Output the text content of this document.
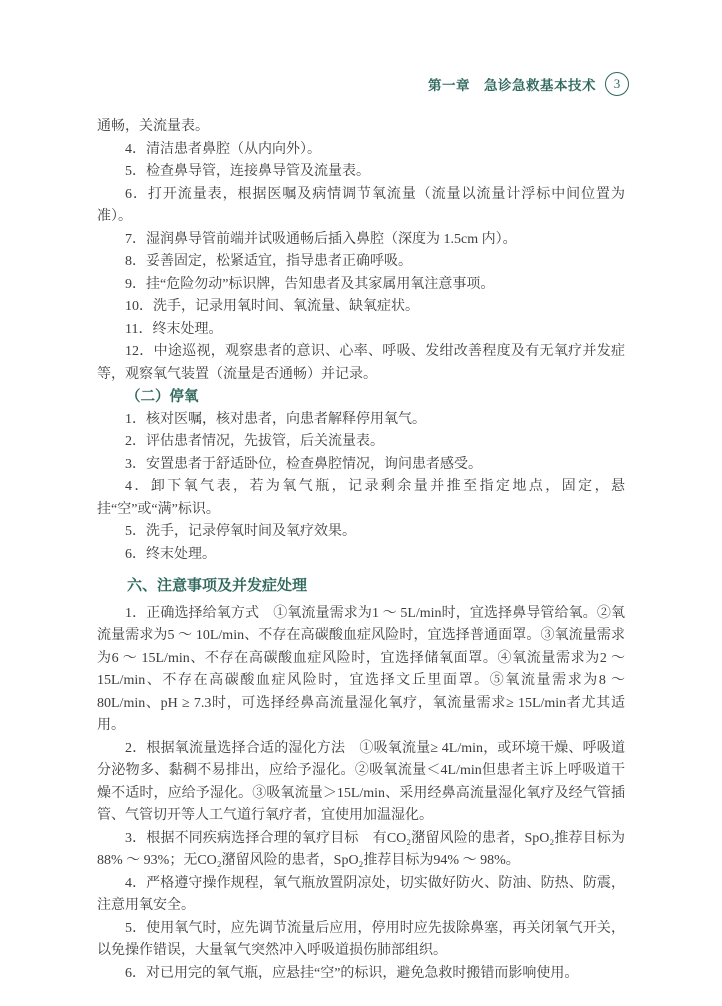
第一章　急诊急救基本技术 3

通畅，关流量表。

4．清洁患者鼻腔（从内向外）。

5．检查鼻导管，连接鼻导管及流量表。

6．打开流量表，根据医嘱及病情调节氧流量（流量以流量计浮标中间位置为准）。

7．湿润鼻导管前端并试吸通畅后插入鼻腔（深度为 1.5cm 内）。

8．妥善固定，松紧适宜，指导患者正确呼吸。

9．挂“危险勿动”标识牌，告知患者及其家属用氧注意事项。

10．洗手，记录用氧时间、氧流量、缺氧症状。

11．终末处理。

12．中途巡视，观察患者的意识、心率、呼吸、发绀改善程度及有无氧疗并发症等，观察氧气装置（流量是否通畅）并记录。

（二）停氧

1．核对医嘱，核对患者，向患者解释停用氧气。

2．评估患者情况，先拔管，后关流量表。

3．安置患者于舒适卧位，检查鼻腔情况，询问患者感受。

4．卸下氧气表，若为氧气瓶，记录剩余量并推至指定地点，固定，悬挂“空”或“满”标识。

5．洗手，记录停氧时间及氧疗效果。

6．终末处理。

六、注意事项及并发症处理

1．正确选择给氧方式　①氧流量需求为1 ～ 5L/min时，宜选择鼻导管给氧。②氧流量需求为5 ～ 10L/min、不存在高碳酸血症风险时，宜选择普通面罩。③氧流量需求为6 ～ 15L/min、不存在高碳酸血症风险时，宜选择储氧面罩。④氧流量需求为2 ～ 15L/min、不存在高碳酸血症风险时，宜选择文丘里面罩。⑤氧流量需求为8 ～ 80L/min、pH ≥ 7.3时，可选择经鼻高流量湿化氧疗，氧流量需求≥ 15L/min者尤其适用。

2．根据氧流量选择合适的湿化方法　①吸氧流量≥ 4L/min，或环境干燥、呼吸道分泌物多、黏稠不易排出，应给予湿化。②吸氧流量＜4L/min但患者主诉上呼吸道干燥不适时，应给予湿化。③吸氧流量＞15L/min、采用经鼻高流量湿化氧疗及经气管插管、气管切开等人工气道行氧疗者，宜使用加温湿化。

3．根据不同疾病选择合理的氧疗目标　有CO₂潴留风险的患者，SpO₂推荐目标为88% ～ 93%；无CO₂潴留风险的患者，SpO₂推荐目标为94% ～ 98%。

4．严格遵守操作规程，氧气瓶放置阴凉处，切实做好防火、防油、防热、防震，注意用氧安全。

5．使用氧气时，应先调节流量后应用，停用时应先拔除鼻塞，再关闭氧气开关，以免操作错误，大量氧气突然冲入呼吸道损伤肺部组织。

6．对已用完的氧气瓶，应悬挂“空”的标识，避免急救时搬错而影响使用。
